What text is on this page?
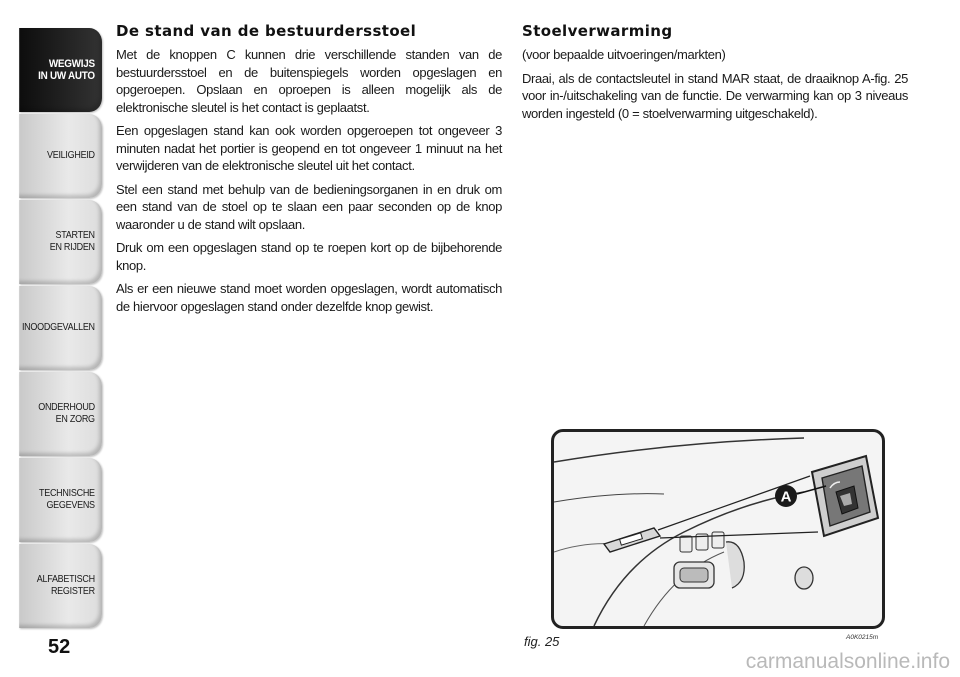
WEGWIJS
IN UW AUTO
VEILIGHEID
STARTEN
EN RIJDEN
INOODGEVALLEN
ONDERHOUD
EN ZORG
TECHNISCHE
GEGEVENS
ALFABETISCH
REGISTER
52
De stand van de bestuurdersstoel

Met de knoppen C kunnen drie verschillende standen van de bestuurdersstoel en de buitenspiegels worden opgeslagen en opgeroepen. Opslaan en oproepen is alleen mogelijk als de elektronische sleutel is het contact is geplaatst.

Een opgeslagen stand kan ook worden opgeroepen tot ongeveer 3 minuten nadat het portier is geopend en tot ongeveer 1 minuut na het verwijderen van de elektronische sleutel uit het contact.

Stel een stand met behulp van de bedieningsorganen in en druk om een stand van de stoel op te slaan een paar seconden op de knop waaronder u de stand wilt opslaan.

Druk om een opgeslagen stand op te roepen kort op de bijbehorende knop.

Als er een nieuwe stand moet worden opgeslagen, wordt automatisch de hiervoor opgeslagen stand onder dezelfde knop gewist.

Stoelverwarming

(voor bepaalde uitvoeringen/markten)

Draai, als de contactsleutel in stand MAR staat, de draaiknop A-fig. 25 voor in-/uitschakeling van de functie. De verwarming kan op 3 niveaus worden ingesteld (0 = stoelverwarming uitgeschakeld).

A
fig. 25	A0K0215m
carmanualsonline.info
